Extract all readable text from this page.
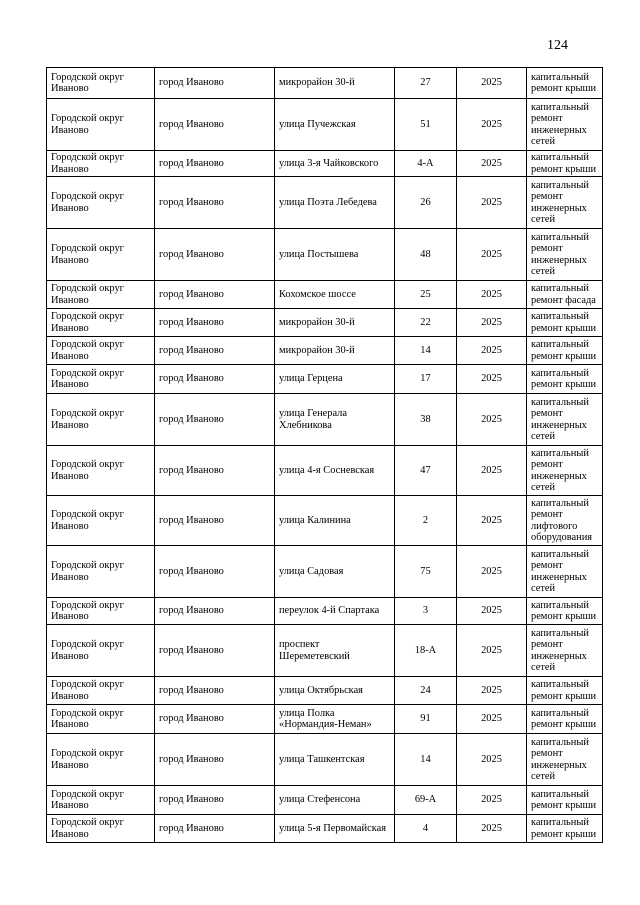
124
Городской округ Иваново	город Иваново	микрорайон 30-й	27	2025	капитальный ремонт крыши
Городской округ Иваново	город Иваново	улица Пучежская	51	2025	капитальный ремонт инженерных сетей
Городской округ Иваново	город Иваново	улица 3-я Чайковского	4-А	2025	капитальный ремонт крыши
Городской округ Иваново	город Иваново	улица Поэта Лебедева	26	2025	капитальный ремонт инженерных сетей
Городской округ Иваново	город Иваново	улица Постышева	48	2025	капитальный ремонт инженерных сетей
Городской округ Иваново	город Иваново	Кохомское шоссе	25	2025	капитальный ремонт фасада
Городской округ Иваново	город Иваново	микрорайон 30-й	22	2025	капитальный ремонт крыши
Городской округ Иваново	город Иваново	микрорайон 30-й	14	2025	капитальный ремонт крыши
Городской округ Иваново	город Иваново	улица Герцена	17	2025	капитальный ремонт крыши
Городской округ Иваново	город Иваново	улица Генерала Хлебникова	38	2025	капитальный ремонт инженерных сетей
Городской округ Иваново	город Иваново	улица 4-я Сосневская	47	2025	капитальный ремонт инженерных сетей
Городской округ Иваново	город Иваново	улица Калинина	2	2025	капитальный ремонт лифтового оборудования
Городской округ Иваново	город Иваново	улица Садовая	75	2025	капитальный ремонт инженерных сетей
Городской округ Иваново	город Иваново	переулок 4-й Спартака	3	2025	капитальный ремонт крыши
Городской округ Иваново	город Иваново	проспект Шереметевский	18-А	2025	капитальный ремонт инженерных сетей
Городской округ Иваново	город Иваново	улица Октябрьская	24	2025	капитальный ремонт крыши
Городской округ Иваново	город Иваново	улица Полка «Нормандия-Неман»	91	2025	капитальный ремонт крыши
Городской округ Иваново	город Иваново	улица Ташкентская	14	2025	капитальный ремонт инженерных сетей
Городской округ Иваново	город Иваново	улица Стефенсона	69-А	2025	капитальный ремонт крыши
Городской округ Иваново	город Иваново	улица 5-я Первомайская	4	2025	капитальный ремонт крыши
